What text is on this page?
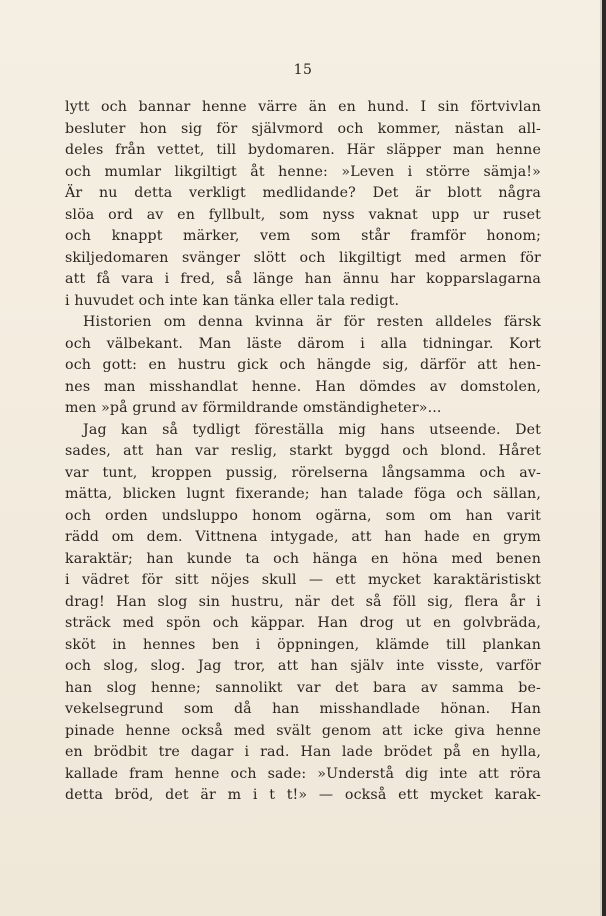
15
lytt och bannar henne värre än en hund. I sin förtvivlan
besluter hon sig för självmord och kommer, nästan all-
deles från vettet, till bydomaren. Här släpper man henne
och mumlar likgiltigt åt henne: »Leven i större sämja!»
Är nu detta verkligt medlidande? Det är blott några
slöa ord av en fyllbult, som nyss vaknat upp ur ruset
och knappt märker, vem som står framför honom;
skiljedomaren svänger slött och likgiltigt med armen för
att få vara i fred, så länge han ännu har kopparslagarna
i huvudet och inte kan tänka eller tala redigt.
Historien om denna kvinna är för resten alldeles färsk
och välbekant. Man läste därom i alla tidningar. Kort
och gott: en hustru gick och hängde sig, därför att hen-
nes man misshandlat henne. Han dömdes av domstolen,
men »på grund av förmildrande omständigheter»...
Jag kan så tydligt föreställa mig hans utseende. Det
sades, att han var reslig, starkt byggd och blond. Håret
var tunt, kroppen pussig, rörelserna långsamma och av-
mätta, blicken lugnt fixerande; han talade föga och sällan,
och orden undsluppo honom ogärna, som om han varit
rädd om dem. Vittnena intygade, att han hade en grym
karaktär; han kunde ta och hänga en höna med benen
i vädret för sitt nöjes skull — ett mycket karaktäristiskt
drag! Han slog sin hustru, när det så föll sig, flera år i
sträck med spön och käppar. Han drog ut en golvbräda,
sköt in hennes ben i öppningen, klämde till plankan
och slog, slog. Jag tror, att han själv inte visste, varför
han slog henne; sannolikt var det bara av samma be-
vekelsegrund som då han misshandlade hönan. Han
pinade henne också med svält genom att icke giva henne
en brödbit tre dagar i rad. Han lade brödet på en hylla,
kallade fram henne och sade: »Understå dig inte att röra
detta bröd, det är m i t t!» — också ett mycket karak-
